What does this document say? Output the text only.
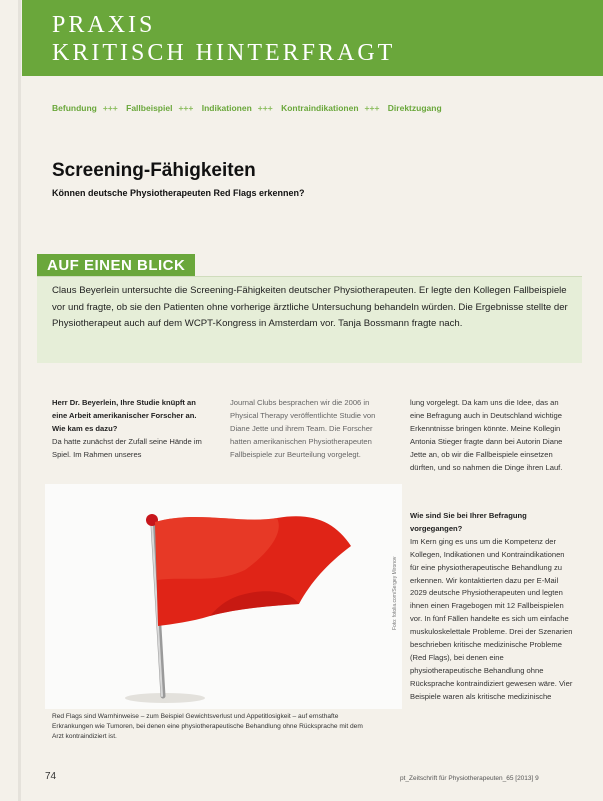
PRAXIS
KRITISCH HINTERFRAGT
Befundung +++ Fallbeispiel +++ Indikationen +++ Kontraindikationen +++ Direktzugang
Screening-Fähigkeiten
Können deutsche Physiotherapeuten Red Flags erkennen?
AUF EINEN BLICK
Claus Beyerlein untersuchte die Screening-Fähigkeiten deutscher Physiotherapeuten. Er legte den Kollegen Fallbeispiele vor und fragte, ob sie den Patienten ohne vorherige ärztliche Untersuchung behandeln würden. Die Ergebnisse stellte der Physiotherapeut auch auf dem WCPT-Kongress in Amsterdam vor. Tanja Bossmann fragte nach.
Herr Dr. Beyerlein, Ihre Studie knüpft an eine Arbeit amerikanischer Forscher an. Wie kam es dazu?
Da hatte zunächst der Zufall seine Hände im Spiel. Im Rahmen unseres
Journal Clubs besprachen wir die 2006 in Physical Therapy veröffentlichte Studie von Diane Jette und ihrem Team. Die Forscher hatten amerikanischen Physiotherapeuten Fallbeispiele zur Beurteilung vorgelegt.
lung vorgelegt. Da kam uns die Idee, das an eine Befragung auch in Deutschland wichtige Erkenntnisse bringen könnte. Meine Kollegin Antonia Stieger fragte dann bei Autorin Diane Jette an, ob wir die Fallbeispiele einsetzen dürften, und so nahmen die Dinge ihren Lauf.
Wie sind Sie bei Ihrer Befragung vorgegangen?
Im Kern ging es uns um die Kompetenz der Kollegen, Indikationen und Kontraindikationen für eine physiotherapeutische Behandlung zu erkennen. Wir kontaktierten dazu per E-Mail 2029 deutsche Physiotherapeuten und legten ihnen einen Fragebogen mit 12 Fallbeispielen vor. In fünf Fällen handelte es sich um einfache muskuloskelettale Probleme. Drei der Szenarien beschrieben kritische medizinische Probleme (Red Flags), bei denen eine physiotherapeutische Behandlung ohne Rücksprache kontraindiziert gewesen wäre. Vier Beispiele waren als kritische medizinische
Foto: fotolia.com/Sergey Mironov
Red Flags sind Warnhinweise – zum Beispiel Gewichtsverlust und Appetitlosigkeit – auf ernsthafte Erkrankungen wie Tumoren, bei denen eine physiotherapeutische Behandlung ohne Rücksprache mit dem Arzt kontraindiziert ist.
74	pt_Zeitschrift für Physiotherapeuten_65 [2013] 9
